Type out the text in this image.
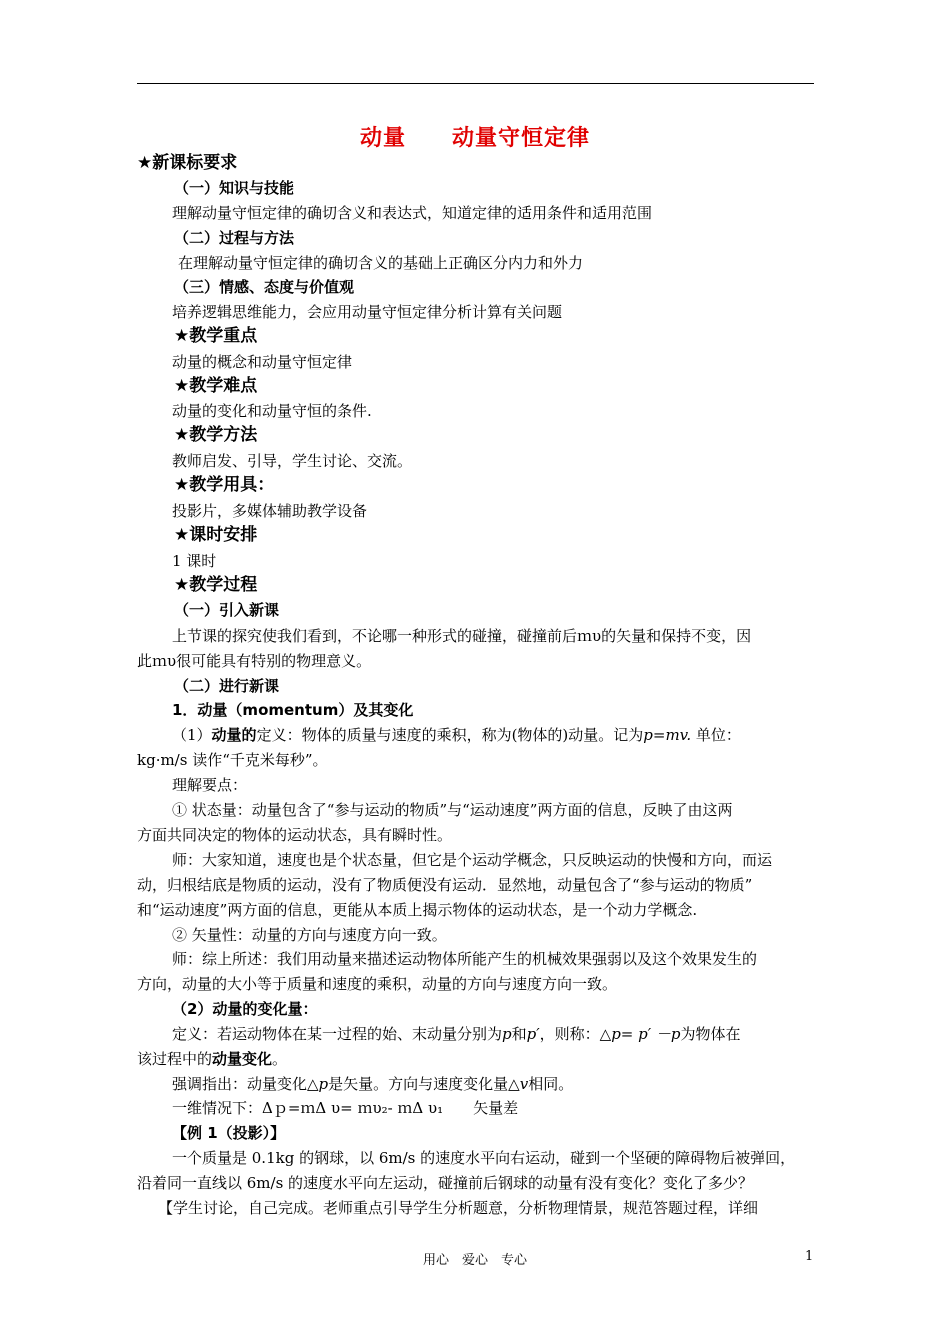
动量　　动量守恒定律
★新课标要求
（一）知识与技能
理解动量守恒定律的确切含义和表达式，知道定律的适用条件和适用范围
（二）过程与方法
在理解动量守恒定律的确切含义的基础上正确区分内力和外力
（三）情感、态度与价值观
培养逻辑思维能力，会应用动量守恒定律分析计算有关问题
★教学重点
动量的概念和动量守恒定律
★教学难点
动量的变化和动量守恒的条件.
★教学方法
教师启发、引导，学生讨论、交流。
★教学用具：
投影片，多媒体辅助教学设备
★课时安排
1 课时
★教学过程
（一）引入新课
上节课的探究使我们看到，不论哪一种形式的碰撞，碰撞前后ｍυ的矢量和保持不变，因
此ｍυ很可能具有特别的物理意义。
（二）进行新课
1．动量（momentum）及其变化
（1）动量的定义：物体的质量与速度的乘积，称为(物体的)动量。记为p=mv. 单位：
kg·m/s 读作“千克米每秒”。
理解要点：
① 状态量：动量包含了“参与运动的物质”与“运动速度”两方面的信息，反映了由这两
方面共同决定的物体的运动状态，具有瞬时性。
师：大家知道，速度也是个状态量，但它是个运动学概念，只反映运动的快慢和方向，而运
动，归根结底是物质的运动，没有了物质便没有运动．显然地，动量包含了“参与运动的物质”
和“运动速度”两方面的信息，更能从本质上揭示物体的运动状态，是一个动力学概念.
② 矢量性：动量的方向与速度方向一致。
师：综上所述：我们用动量来描述运动物体所能产生的机械效果强弱以及这个效果发生的
方向，动量的大小等于质量和速度的乘积，动量的方向与速度方向一致。
（2）动量的变化量：
定义：若运动物体在某一过程的始、末动量分别为p和p′，则称：△p= p′ －p为物体在
该过程中的动量变化。
强调指出：动量变化△p是矢量。方向与速度变化量△v相同。
一维情况下：Δｐ=ｍΔ υ= ｍυ₂- ｍΔ υ₁　　矢量差
【例 1（投影）】
一个质量是 0.1kg 的钢球，以 6m/s 的速度水平向右运动，碰到一个坚硬的障碍物后被弹回，
沿着同一直线以 6m/s 的速度水平向左运动，碰撞前后钢球的动量有没有变化？变化了多少？
【学生讨论，自己完成。老师重点引导学生分析题意，分析物理情景，规范答题过程，详细
用心　爱心　专心	1
